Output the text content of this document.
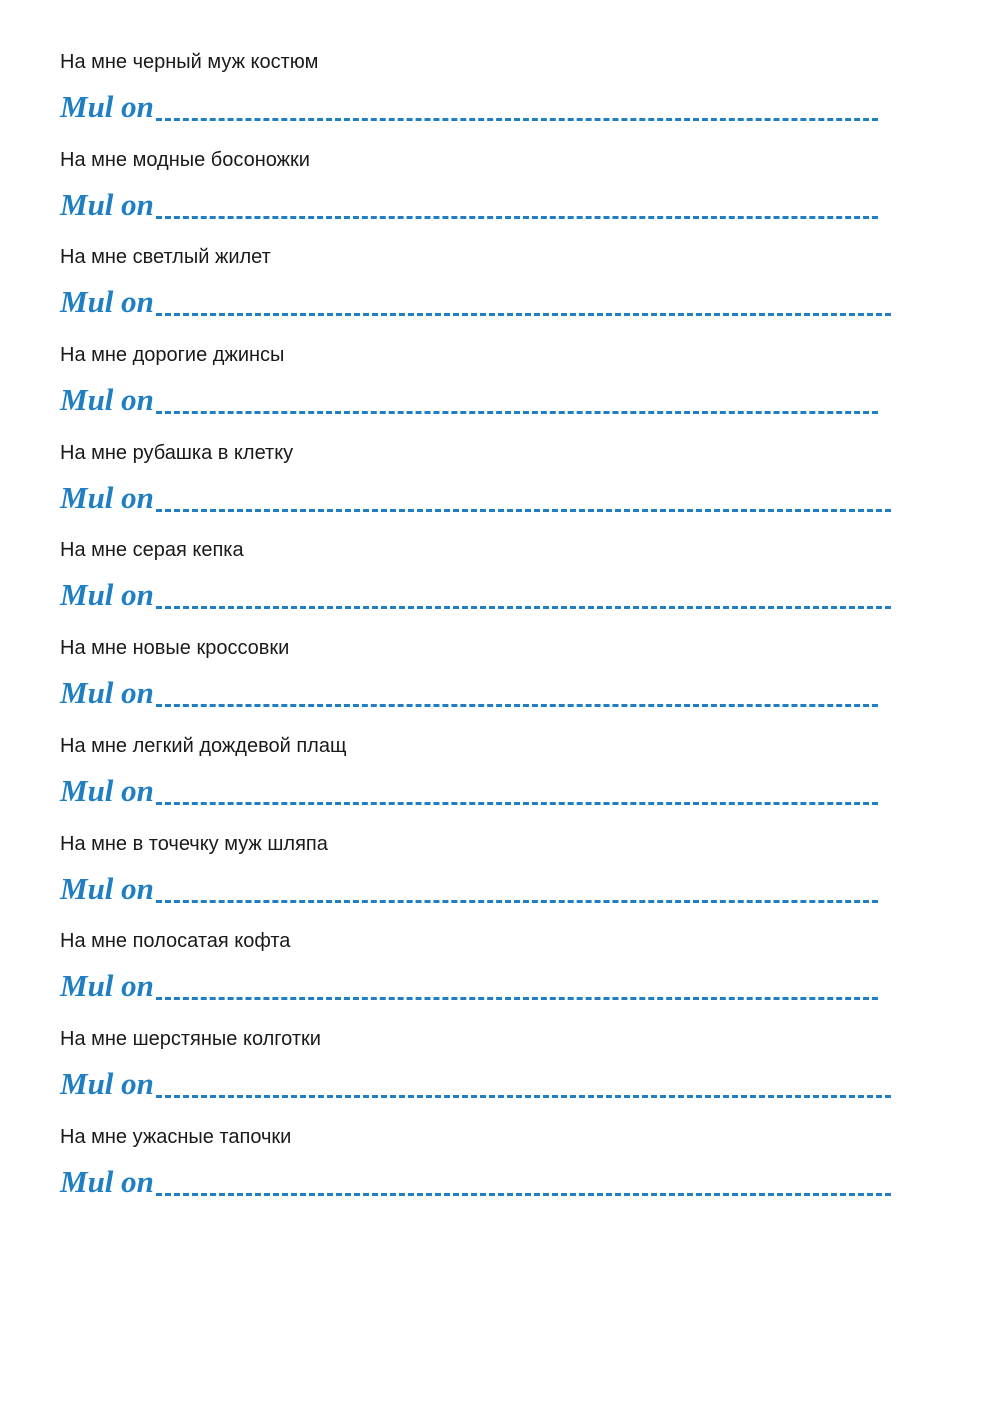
На мне черный муж костюм
Mul on
На мне модные босоножки
Mul on
На мне светлый жилет
Mul on
На мне дорогие джинсы
Mul on
На мне рубашка в клетку
Mul on
На мне серая кепка
Mul on
На мне новые кроссовки
Mul on
На мне легкий дождевой плащ
Mul on
На мне в точечку муж шляпа
Mul on
На мне полосатая кофта
Mul on
На мне шерстяные колготки
Mul on
На мне ужасные тапочки
Mul on
